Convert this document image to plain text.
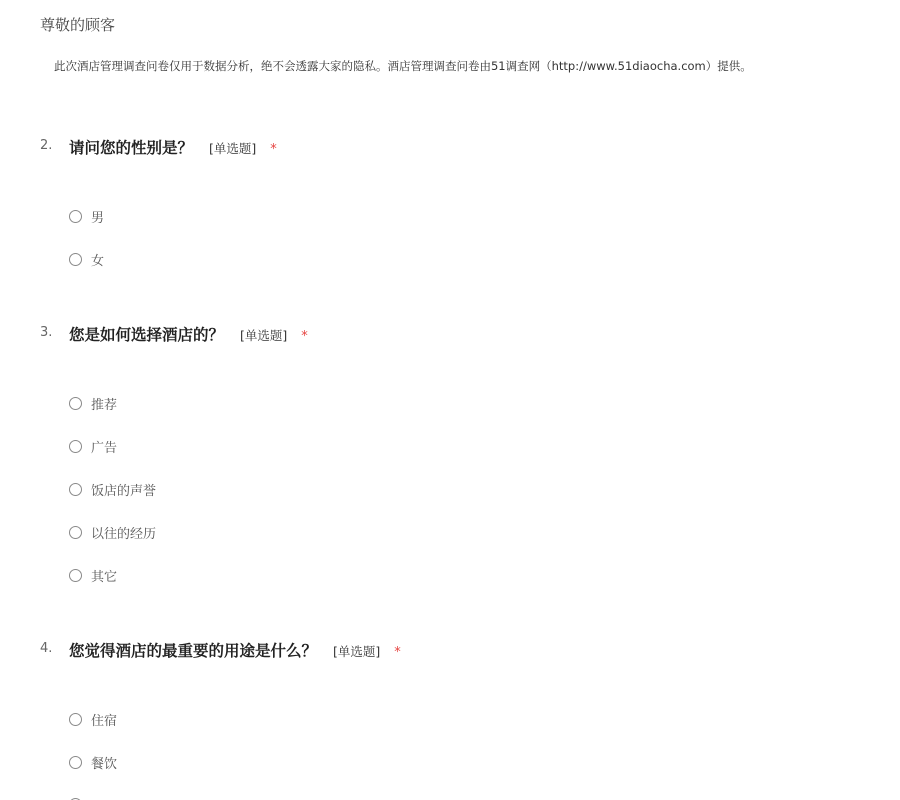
尊敬的顾客
此次酒店管理调查问卷仅用于数据分析，绝不会透露大家的隐私。酒店管理调查问卷由51调查网（http://www.51diaocha.com）提供。
2. 请问您的性别是？ [单选题] *
男
女
3. 您是如何选择酒店的？ [单选题] *
推荐
广告
饭店的声誉
以往的经历
其它
4. 您觉得酒店的最重要的用途是什么？ [单选题] *
住宿
餐饮
